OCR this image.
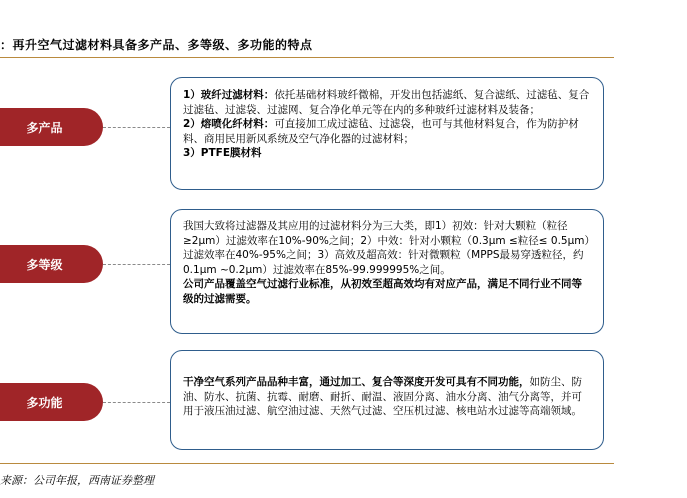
：再升空气过滤材料具备多产品、多等级、多功能的特点
多产品

1）玻纤过滤材料：依托基础材料玻纤微棉，开发出包括滤纸、复合滤纸、过滤毡、复合过滤毡、过滤袋、过滤网、复合净化单元等在内的多种玻纤过滤材料及装备；

2）熔喷化纤材料：可直接加工成过滤毡、过滤袋，也可与其他材料复合，作为防护材料、商用民用新风系统及空气净化器的过滤材料；

3）PTFE膜材料

多等级

我国大致将过滤器及其应用的过滤材料分为三大类，即1）初效：针对大颗粒（粒径≥2μm）过滤效率在10%-90%之间；2）中效：针对小颗粒（0.3μm ≤粒径≤ 0.5μm）过滤效率在40%-95%之间；3）高效及超高效：针对微颗粒（MPPS最易穿透粒径，约0.1μm ~0.2μm）过滤效率在85%-99.999995%之间。

公司产品覆盖空气过滤行业标准，从初效至超高效均有对应产品，满足不同行业不同等级的过滤需要。

多功能

干净空气系列产品品种丰富，通过加工、复合等深度开发可具有不同功能，如防尘、防油、防水、抗菌、抗霉、耐磨、耐折、耐温、液固分离、油水分离、油气分离等，并可用于液压油过滤、航空油过滤、天然气过滤、空压机过滤、核电站水过滤等高端领域。

来源：公司年报，西南证券整理
